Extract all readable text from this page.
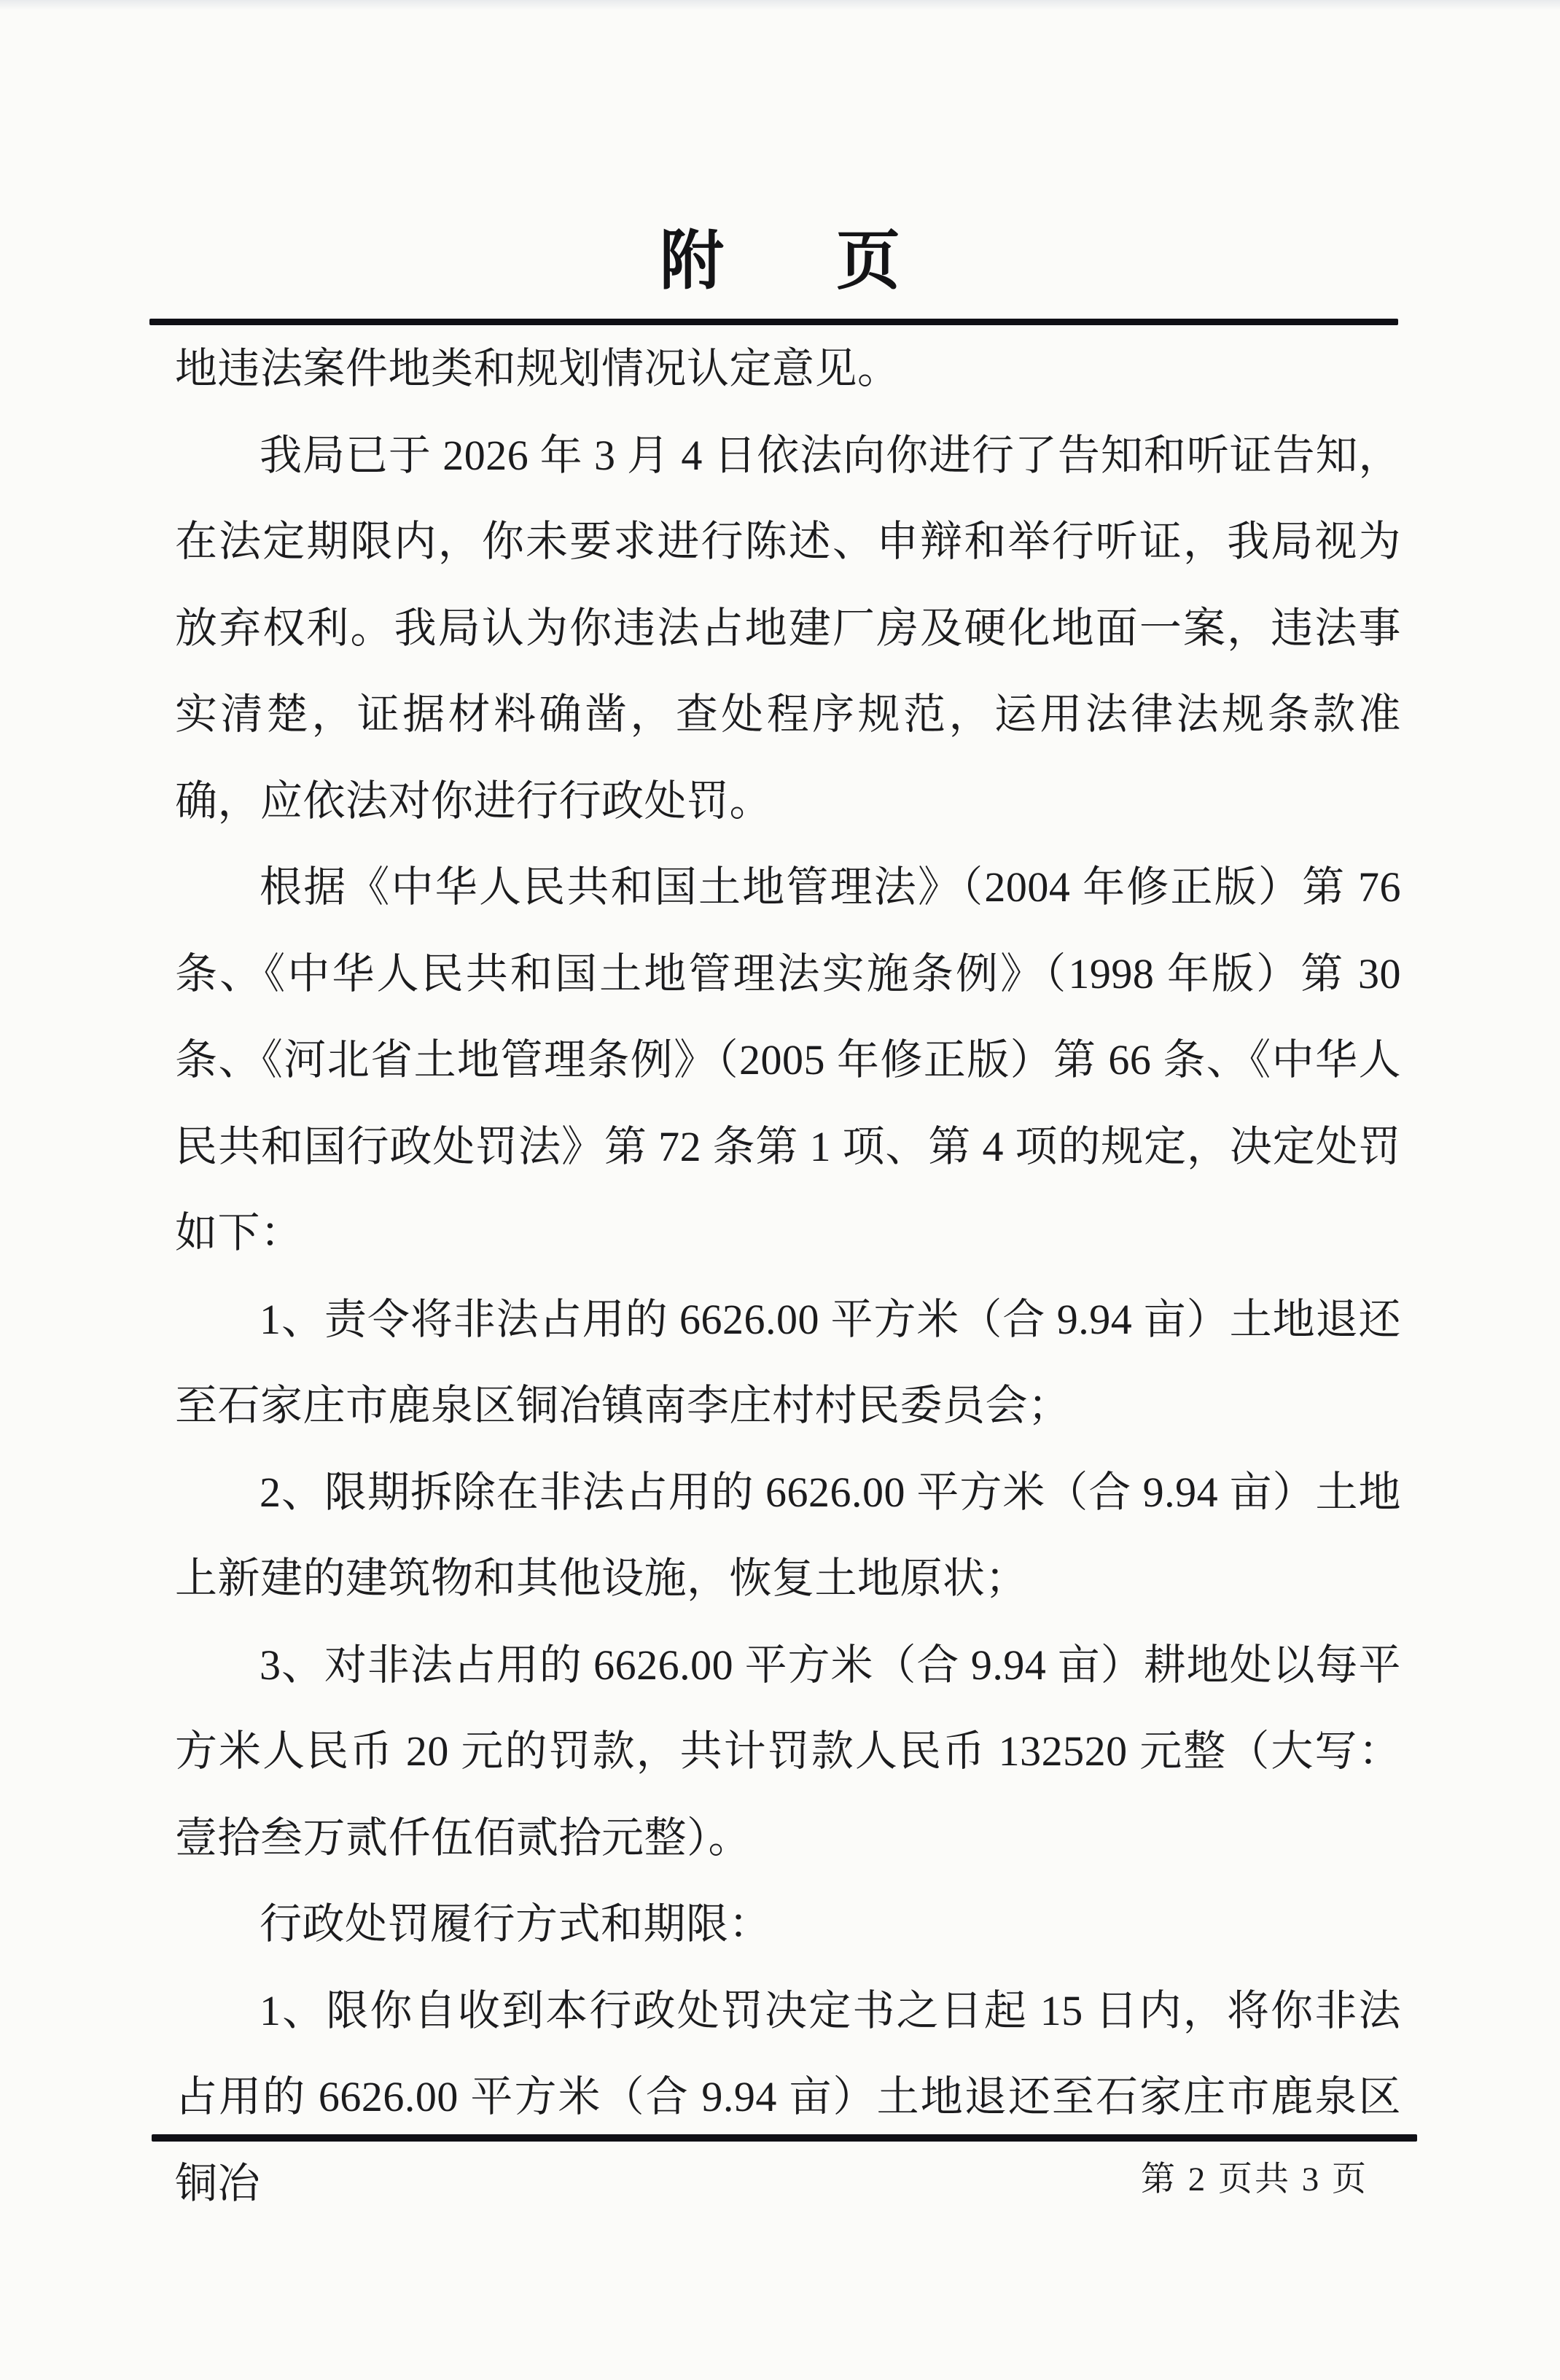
附 页

地违法案件地类和规划情况认定意见。

我局已于 2026 年 3 月 4 日依法向你进行了告知和听证告知，在法定期限内，你未要求进行陈述、申辩和举行听证，我局视为放弃权利。我局认为你违法占地建厂房及硬化地面一案，违法事实清楚，证据材料确凿，查处程序规范，运用法律法规条款准确，应依法对你进行行政处罚。

根据《中华人民共和国土地管理法》（2004 年修正版）第 76 条、《中华人民共和国土地管理法实施条例》（1998 年版）第 30 条、《河北省土地管理条例》（2005 年修正版）第 66 条、《中华人民共和国行政处罚法》第 72 条第 1 项、第 4 项的规定，决定处罚如下：

1、责令将非法占用的 6626.00 平方米（合 9.94 亩）土地退还至石家庄市鹿泉区铜冶镇南李庄村村民委员会；

2、限期拆除在非法占用的 6626.00 平方米（合 9.94 亩）土地上新建的建筑物和其他设施，恢复土地原状；

3、对非法占用的 6626.00 平方米（合 9.94 亩）耕地处以每平方米人民币 20 元的罚款，共计罚款人民币 132520 元整（大写：壹拾叁万贰仟伍佰贰拾元整）。

行政处罚履行方式和期限：

1、限你自收到本行政处罚决定书之日起 15 日内，将你非法占用的 6626.00 平方米（合 9.94 亩）土地退还至石家庄市鹿泉区铜冶	第 2 页共 3 页
